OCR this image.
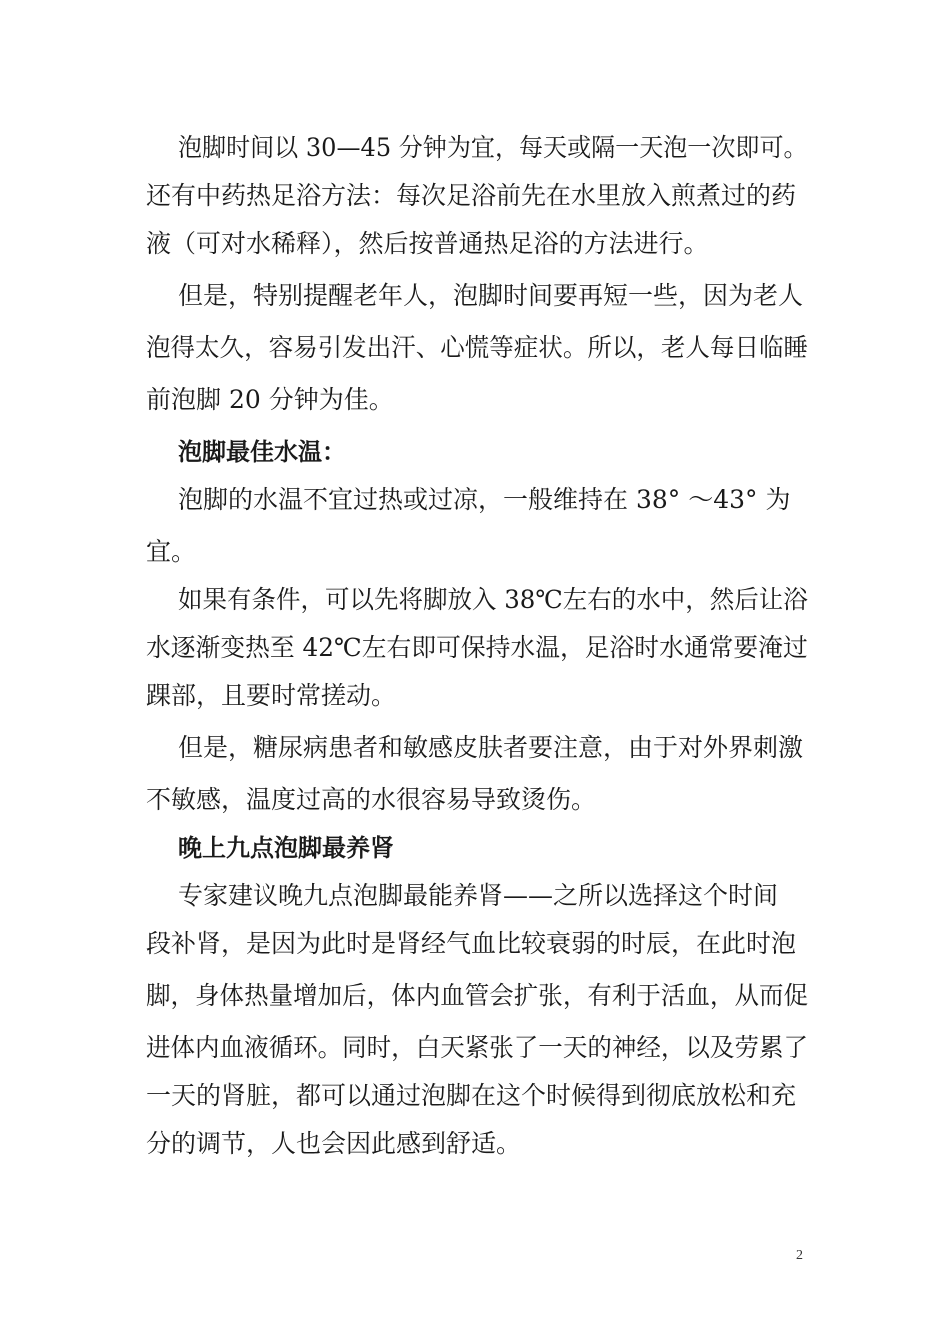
泡脚时间以 30—45 分钟为宜，每天或隔一天泡一次即可。
还有中药热足浴方法：每次足浴前先在水里放入煎煮过的药
液（可对水稀释），然后按普通热足浴的方法进行。
但是，特别提醒老年人，泡脚时间要再短一些，因为老人
泡得太久，容易引发出汗、心慌等症状。所以，老人每日临睡
前泡脚 20 分钟为佳。
泡脚最佳水温：
泡脚的水温不宜过热或过凉，一般维持在 38° ～43° 为
宜。
如果有条件，可以先将脚放入 38℃左右的水中，然后让浴
水逐渐变热至 42℃左右即可保持水温，足浴时水通常要淹过
踝部，且要时常搓动。
但是，糖尿病患者和敏感皮肤者要注意，由于对外界刺激
不敏感，温度过高的水很容易导致烫伤。
晚上九点泡脚最养肾
专家建议晚九点泡脚最能养肾——之所以选择这个时间
段补肾，是因为此时是肾经气血比较衰弱的时辰，在此时泡
脚，身体热量增加后，体内血管会扩张，有利于活血，从而促
进体内血液循环。同时，白天紧张了一天的神经，以及劳累了
一天的肾脏，都可以通过泡脚在这个时候得到彻底放松和充
分的调节，人也会因此感到舒适。
2
